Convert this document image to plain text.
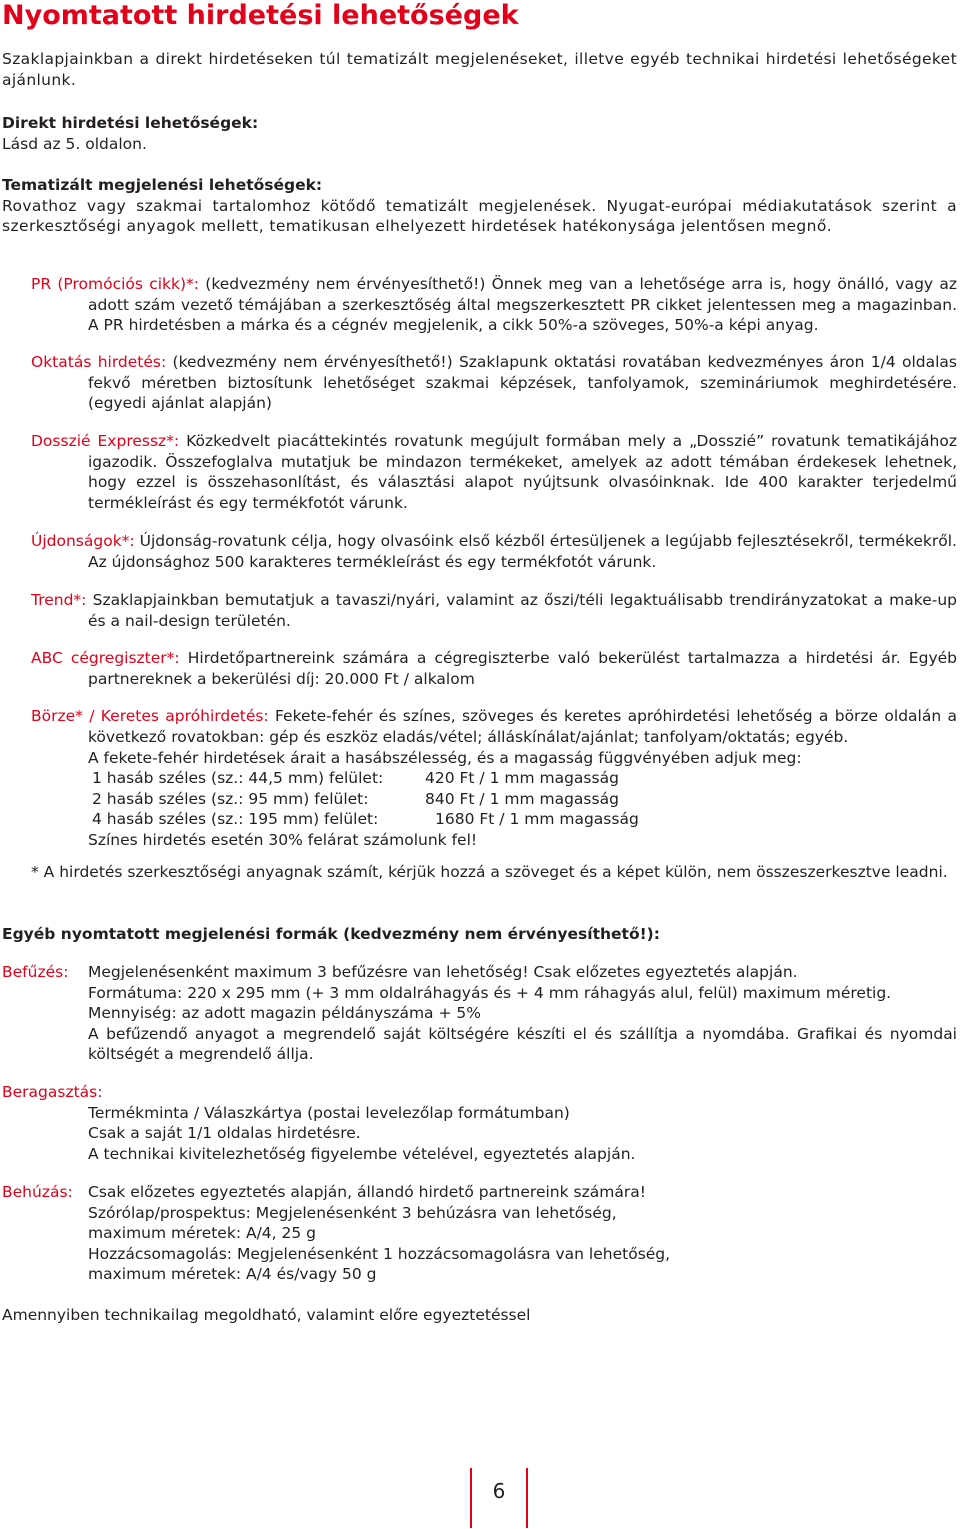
Nyomtatott hirdetési lehetőségek

Szaklapjainkban a direkt hirdetéseken túl tematizált megjelenéseket, illetve egyéb technikai hirdetési lehetőségeket ajánlunk.

Direkt hirdetési lehetőségek:
Lásd az 5. oldalon.
Tematizált megjelenési lehetőségek:
Rovathoz vagy szakmai tartalomhoz kötődő tematizált megjelenések. Nyugat-európai médiakutatások szerint a szerkesztőségi anyagok mellett, tematikusan elhelyezett hirdetések hatékonysága jelentősen megnő.

PR (Promóciós cikk)*: (kedvezmény nem érvényesíthető!) Önnek meg van a lehetősége arra is, hogy önálló, vagy az adott szám vezető témájában a szerkesztőség által megszerkesztett PR cikket jelentessen meg a magazinban. A PR hirdetésben a márka és a cégnév megjelenik, a cikk 50%-a szöveges, 50%-a képi anyag.

Oktatás hirdetés: (kedvezmény nem érvényesíthető!) Szaklapunk oktatási rovatában kedvezményes áron 1/4 oldalas fekvő méretben biztosítunk lehetőséget szakmai képzések, tanfolyamok, szemináriumok meghirdetésére. (egyedi ajánlat alapján)

Dosszié Expressz*: Közkedvelt piacáttekintés rovatunk megújult formában mely a „Dosszié” rovatunk tematikájához igazodik. Összefoglalva mutatjuk be mindazon termékeket, amelyek az adott témában érdekesek lehetnek, hogy ezzel is összehasonlítást, és választási alapot nyújtsunk olvasóinknak. Ide 400 karakter terjedelmű termékleírást és egy termékfotót várunk.

Újdonságok*: Újdonság-rovatunk célja, hogy olvasóink első kézből értesüljenek a legújabb fejlesztésekről, termékekről. Az újdonsághoz 500 karakteres termékleírást és egy termékfotót várunk.

Trend*: Szaklapjainkban bemutatjuk a tavaszi/nyári, valamint az őszi/téli legaktuálisabb trendirányzatokat a make-up és a nail-design területén.

ABC cégregiszter*: Hirdetőpartnereink számára a cégregiszterbe való bekerülést tartalmazza a hirdetési ár. Egyéb partnereknek a bekerülési díj: 20.000 Ft / alkalom

Börze* / Keretes apróhirdetés: Fekete-fehér és színes, szöveges és keretes apróhirdetési lehetőség a börze oldalán a következő rovatokban: gép és eszköz eladás/vétel; álláskínálat/ajánlat; tanfolyam/oktatás; egyéb.

A fekete-fehér hirdetések árait a hasábszélesség, és a magasság függvényében adjuk meg:

1 hasáb széles (sz.: 44,5 mm) felület:	420 Ft / 1 mm magasság
2 hasáb széles (sz.: 95 mm) felület:	840 Ft / 1 mm magasság
4 hasáb széles (sz.: 195 mm) felület:	1680 Ft / 1 mm magasság

Színes hirdetés esetén 30% felárat számolunk fel!

* A hirdetés szerkesztőségi anyagnak számít, kérjük hozzá a szöveget és a képet külön, nem összeszerkesztve leadni.

Egyéb nyomtatott megjelenési formák (kedvezmény nem érvényesíthető!):

Befűzés: Megjelenésenként maximum 3 befűzésre van lehetőség! Csak előzetes egyeztetés alapján.
Formátuma: 220 x 295 mm (+ 3 mm oldalráhagyás és + 4 mm ráhagyás alul, felül) maximum méretig.
Mennyiség: az adott magazin példányszáma + 5%
A befűzendő anyagot a megrendelő saját költségére készíti el és szállítja a nyomdába. Grafikai és nyomdai költségét a megrendelő állja.
Beragasztás:
Termékminta / Válaszkártya (postai levelezőlap formátumban)
Csak a saját 1/1 oldalas hirdetésre.
A technikai kivitelezhetőség figyelembe vételével, egyeztetés alapján.
Behúzás: Csak előzetes egyeztetés alapján, állandó hirdető partnereink számára!
Szórólap/prospektus: Megjelenésenként 3 behúzásra van lehetőség,
maximum méretek: A/4, 25 g
Hozzácsomagolás: Megjelenésenként 1 hozzácsomagolásra van lehetőség,
maximum méretek: A/4 és/vagy 50 g

Amennyiben technikailag megoldható, valamint előre egyeztetéssel

6
